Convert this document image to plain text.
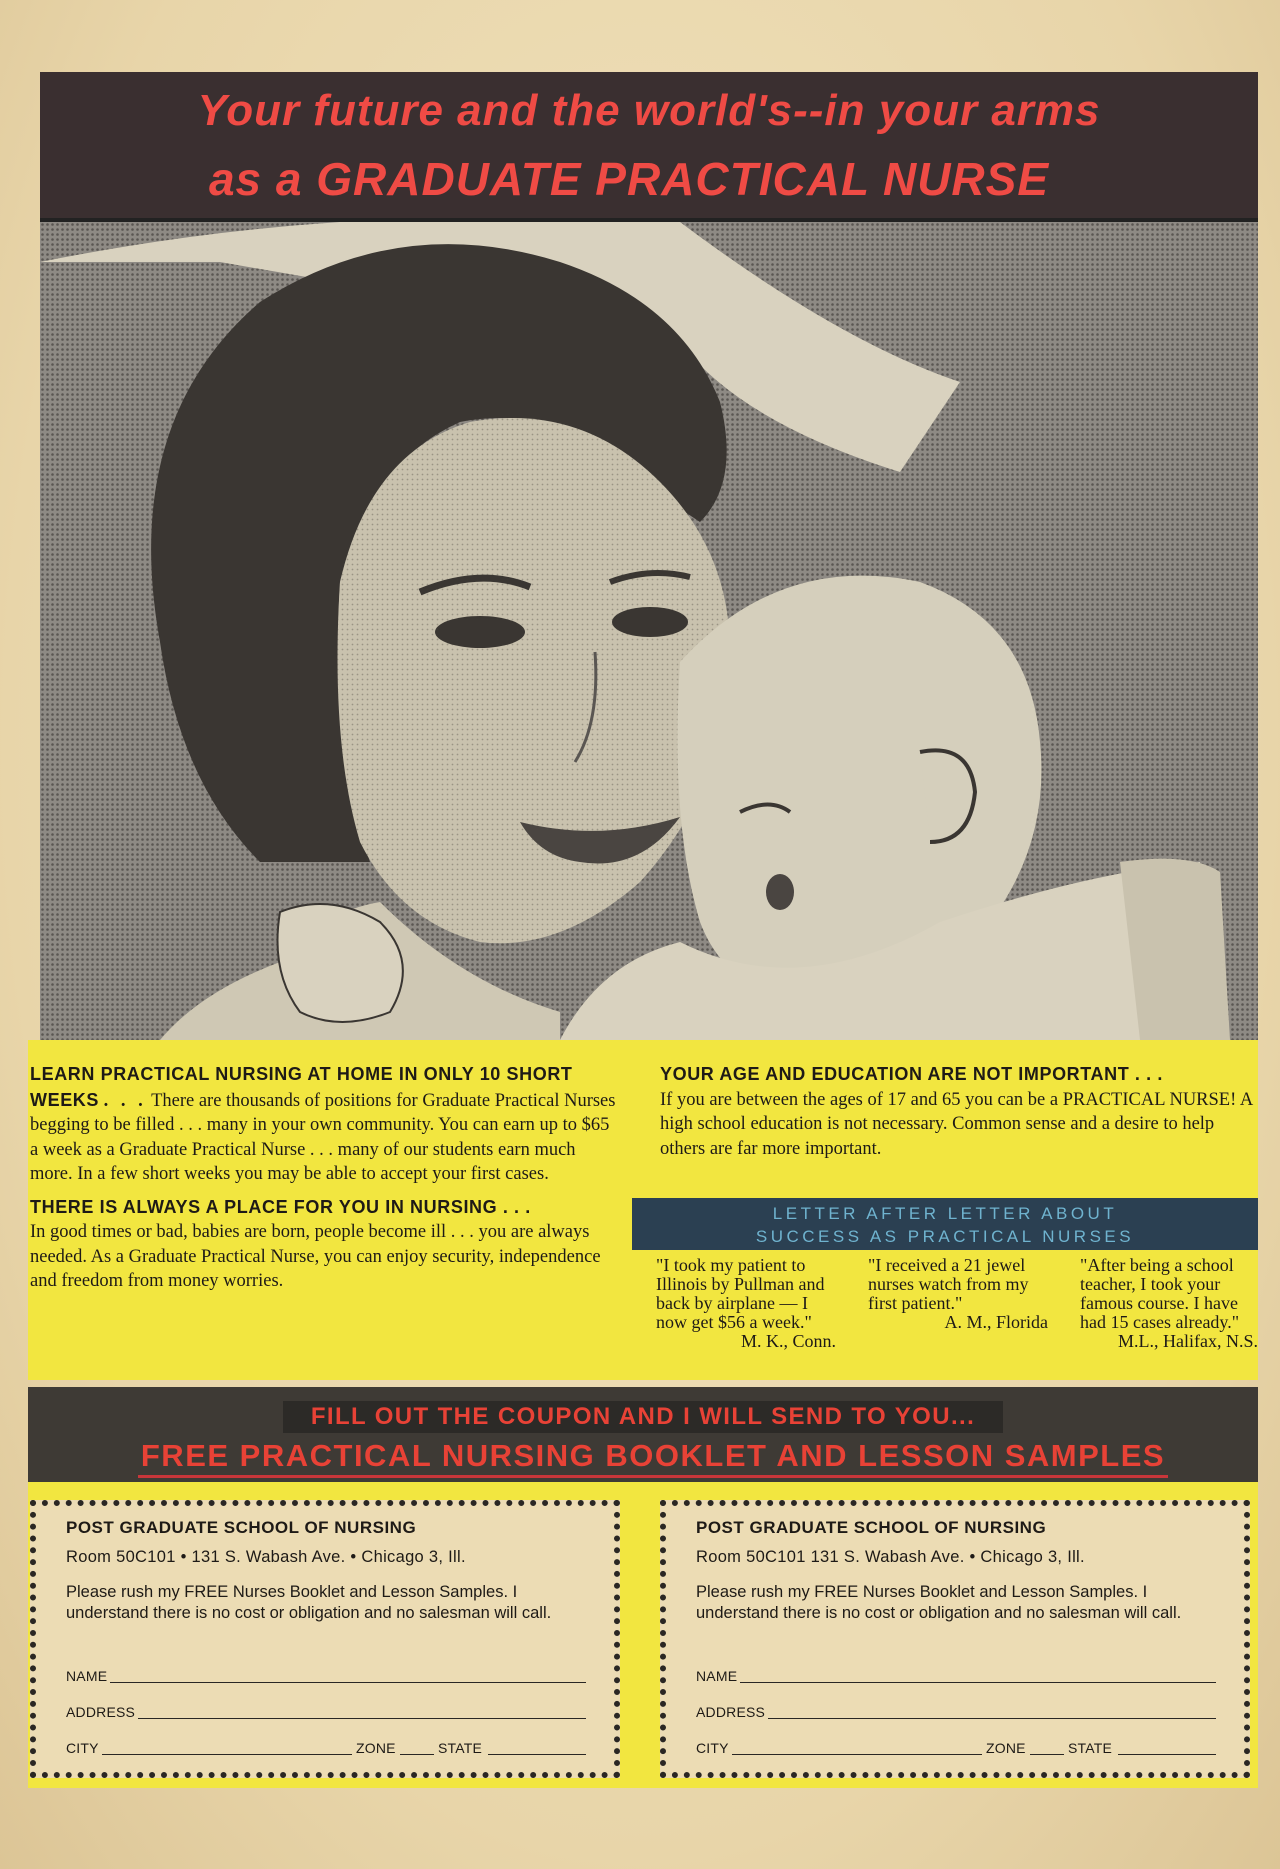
Your future and the world's--in your arms
as a GRADUATE PRACTICAL NURSE

LEARN PRACTICAL NURSING AT HOME IN ONLY 10 SHORT WEEKS . . . There are thousands of positions for Graduate Practical Nurses begging to be filled . . . many in your own community. You can earn up to $65 a week as a Graduate Practical Nurse . . . many of our students earn much more. In a few short weeks you may be able to accept your first cases.

THERE IS ALWAYS A PLACE FOR YOU IN NURSING . . .
In good times or bad, babies are born, people become ill . . . you are always needed. As a Graduate Practical Nurse, you can enjoy security, independence and freedom from money worries.

YOUR AGE AND EDUCATION ARE NOT IMPORTANT . . .
If you are between the ages of 17 and 65 you can be a PRACTICAL NURSE! A high school education is not necessary. Common sense and a desire to help others are far more important.

LETTER AFTER LETTER ABOUT
SUCCESS AS PRACTICAL NURSES
"I took my patient to Illinois by Pullman and back by airplane — I now get $56 a week."
M. K., Conn.
"I received a 21 jewel nurses watch from my first patient."
A. M., Florida
"After being a school teacher, I took your famous course. I have had 15 cases already."
M.L., Halifax, N.S.
FILL OUT THE COUPON AND I WILL SEND TO YOU...
FREE PRACTICAL NURSING BOOKLET AND LESSON SAMPLES
POST GRADUATE SCHOOL OF NURSING
Room 50C101 • 131 S. Wabash Ave. • Chicago 3, Ill.
Please rush my FREE Nurses Booklet and Lesson Samples. I understand there is no cost or obligation and no salesman will call.
NAME
ADDRESS
CITY	ZONE	STATE
POST GRADUATE SCHOOL OF NURSING
Room 50C101 131 S. Wabash Ave. • Chicago 3, Ill.
Please rush my FREE Nurses Booklet and Lesson Samples. I understand there is no cost or obligation and no salesman will call.
NAME
ADDRESS
CITY	ZONE	STATE
